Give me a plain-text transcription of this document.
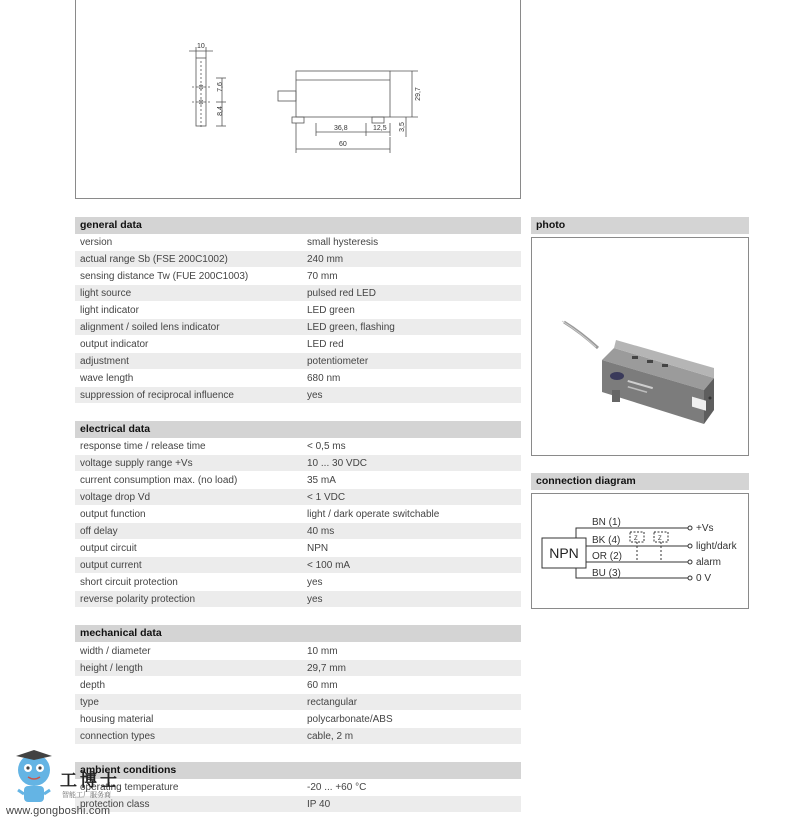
10
7,6
8,4
29,7
36,8	12,5 3,5
60
general data
version	small hysteresis
actual range Sb (FSE 200C1002)	240 mm
sensing distance Tw (FUE 200C1003)	70 mm
light source	pulsed red LED
light indicator	LED green
alignment / soiled lens indicator	LED green, flashing
output indicator	LED red
adjustment	potentiometer
wave length	680 nm
suppression of reciprocal influence	yes
electrical data
response time / release time	< 0,5 ms
voltage supply range +Vs	10 ... 30 VDC
current consumption max. (no load)	35 mA
voltage drop Vd	< 1 VDC
output function	light / dark operate switchable
off delay	40 ms
output circuit	NPN
output current	< 100 mA
short circuit protection	yes
reverse polarity protection	yes
mechanical data
width / diameter	10 mm
height / length	29,7 mm
depth	60 mm
type	rectangular
housing material	polycarbonate/ABS
connection types	cable, 2 m
ambient conditions
operating temperature	-20 ... +60 °C
protection class	IP 40
photo
connection diagram
NPN
Z	Z
BN (1)
BK (4)
OR (2)
BU (3)
+Vs
light/dark
alarm
0 V
工博士
智能工厂服务商
www.gongboshi.com
